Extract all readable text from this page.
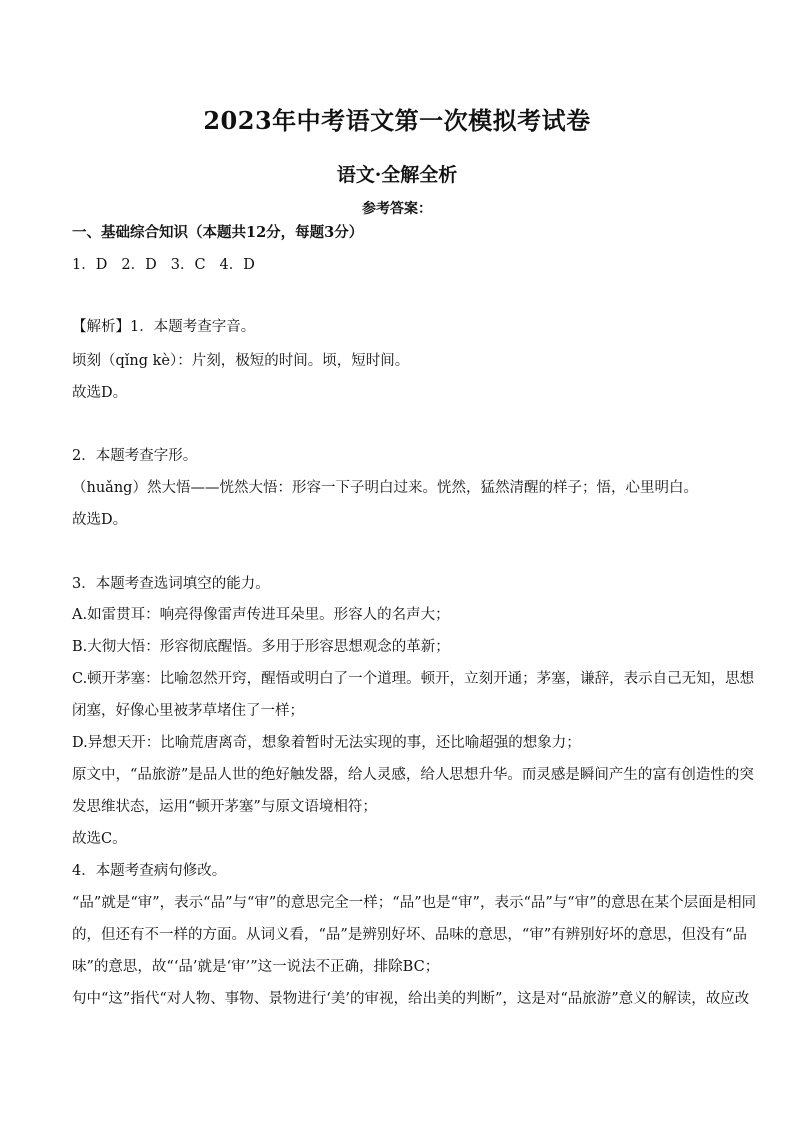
2023年中考语文第一次模拟考试卷
语文·全解全析
参考答案：
一、基础综合知识（本题共12分，每题3分）
1．D 2．D 3．C 4．D
【解析】1．本题考查字音。
顷刻（qǐng kè）：片刻，极短的时间。顷，短时间。
故选D。
2．本题考查字形。
（huǎng）然大悟——恍然大悟：形容一下子明白过来。恍然，猛然清醒的样子；悟，心里明白。
故选D。
3．本题考查选词填空的能力。
A.如雷贯耳：响亮得像雷声传进耳朵里。形容人的名声大；
B.大彻大悟：形容彻底醒悟。多用于形容思想观念的革新；
C.顿开茅塞：比喻忽然开窍，醒悟或明白了一个道理。顿开，立刻开通；茅塞，谦辞，表示自己无知，思想
闭塞，好像心里被茅草堵住了一样；
D.异想天开：比喻荒唐离奇，想象着暂时无法实现的事，还比喻超强的想象力；
原文中，“品旅游”是品人世的绝好触发器，给人灵感，给人思想升华。而灵感是瞬间产生的富有创造性的突
发思维状态，运用“顿开茅塞”与原文语境相符；
故选C。
4．本题考查病句修改。
“品”就是“审”，表示“品”与“审”的意思完全一样；“品”也是“审”，表示“品”与“审”的意思在某个层面是相同
的，但还有不一样的方面。从词义看，“品”是辨别好坏、品味的意思，“审”有辨别好坏的意思，但没有“品
味”的意思，故“‘品’就是‘审’”这一说法不正确，排除BC；
句中“这”指代“对人物、事物、景物进行‘美’的审视，给出美的判断”，这是对“品旅游”意义的解读，故应改
